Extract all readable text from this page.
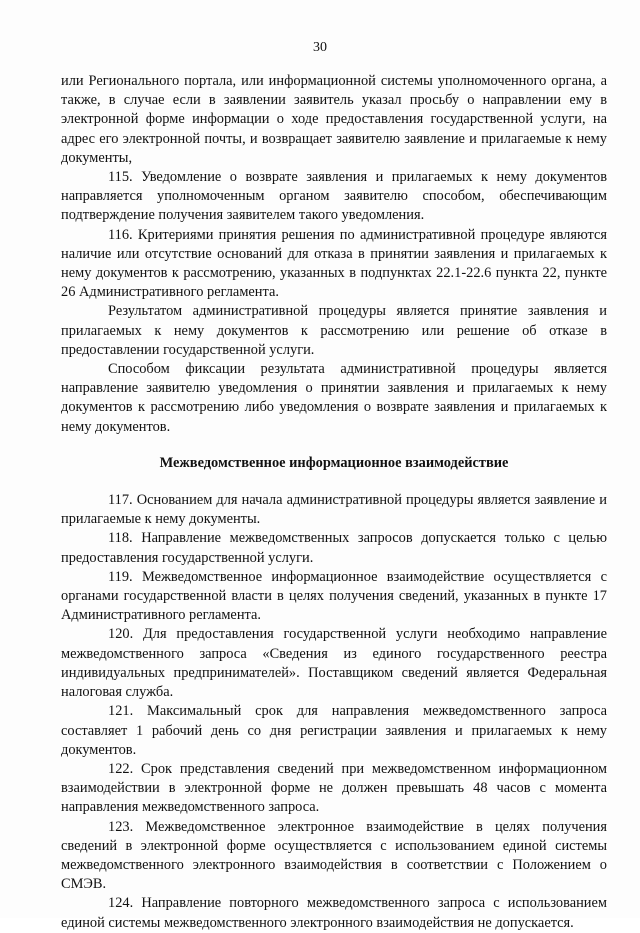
30

или Регионального портала, или информационной системы уполномоченного органа, а также, в случае если в заявлении заявитель указал просьбу о направлении ему в электронной форме информации о ходе предоставления государственной услуги, на адрес его электронной почты, и возвращает заявителю заявление и прилагаемые к нему документы,

115. Уведомление о возврате заявления и прилагаемых к нему документов направляется уполномоченным органом заявителю способом, обеспечивающим подтверждение получения заявителем такого уведомления.

116. Критериями принятия решения по административной процедуре являются наличие или отсутствие оснований для отказа в принятии заявления и прилагаемых к нему документов к рассмотрению, указанных в подпунктах 22.1-22.6 пункта 22, пункте 26 Административного регламента.

Результатом административной процедуры является принятие заявления и прилагаемых к нему документов к рассмотрению или решение об отказе в предоставлении государственной услуги.

Способом фиксации результата административной процедуры является направление заявителю уведомления о принятии заявления и прилагаемых к нему документов к рассмотрению либо уведомления о возврате заявления и прилагаемых к нему документов.

Межведомственное информационное взаимодействие

117. Основанием для начала административной процедуры является заявление и прилагаемые к нему документы.

118. Направление межведомственных запросов допускается только с целью предоставления государственной услуги.

119. Межведомственное информационное взаимодействие осуществляется с органами государственной власти в целях получения сведений, указанных в пункте 17 Административного регламента.

120. Для предоставления государственной услуги необходимо направление межведомственного запроса «Сведения из единого государственного реестра индивидуальных предпринимателей». Поставщиком сведений является Федеральная налоговая служба.

121. Максимальный срок для направления межведомственного запроса составляет 1 рабочий день со дня регистрации заявления и прилагаемых к нему документов.

122. Срок представления сведений при межведомственном информационном взаимодействии в электронной форме не должен превышать 48 часов с момента направления межведомственного запроса.

123. Межведомственное электронное взаимодействие в целях получения сведений в электронной форме осуществляется с использованием единой системы межведомственного электронного взаимодействия в соответствии с Положением о СМЭВ.

124. Направление повторного межведомственного запроса с использованием единой системы межведомственного электронного взаимодействия не допускается.
